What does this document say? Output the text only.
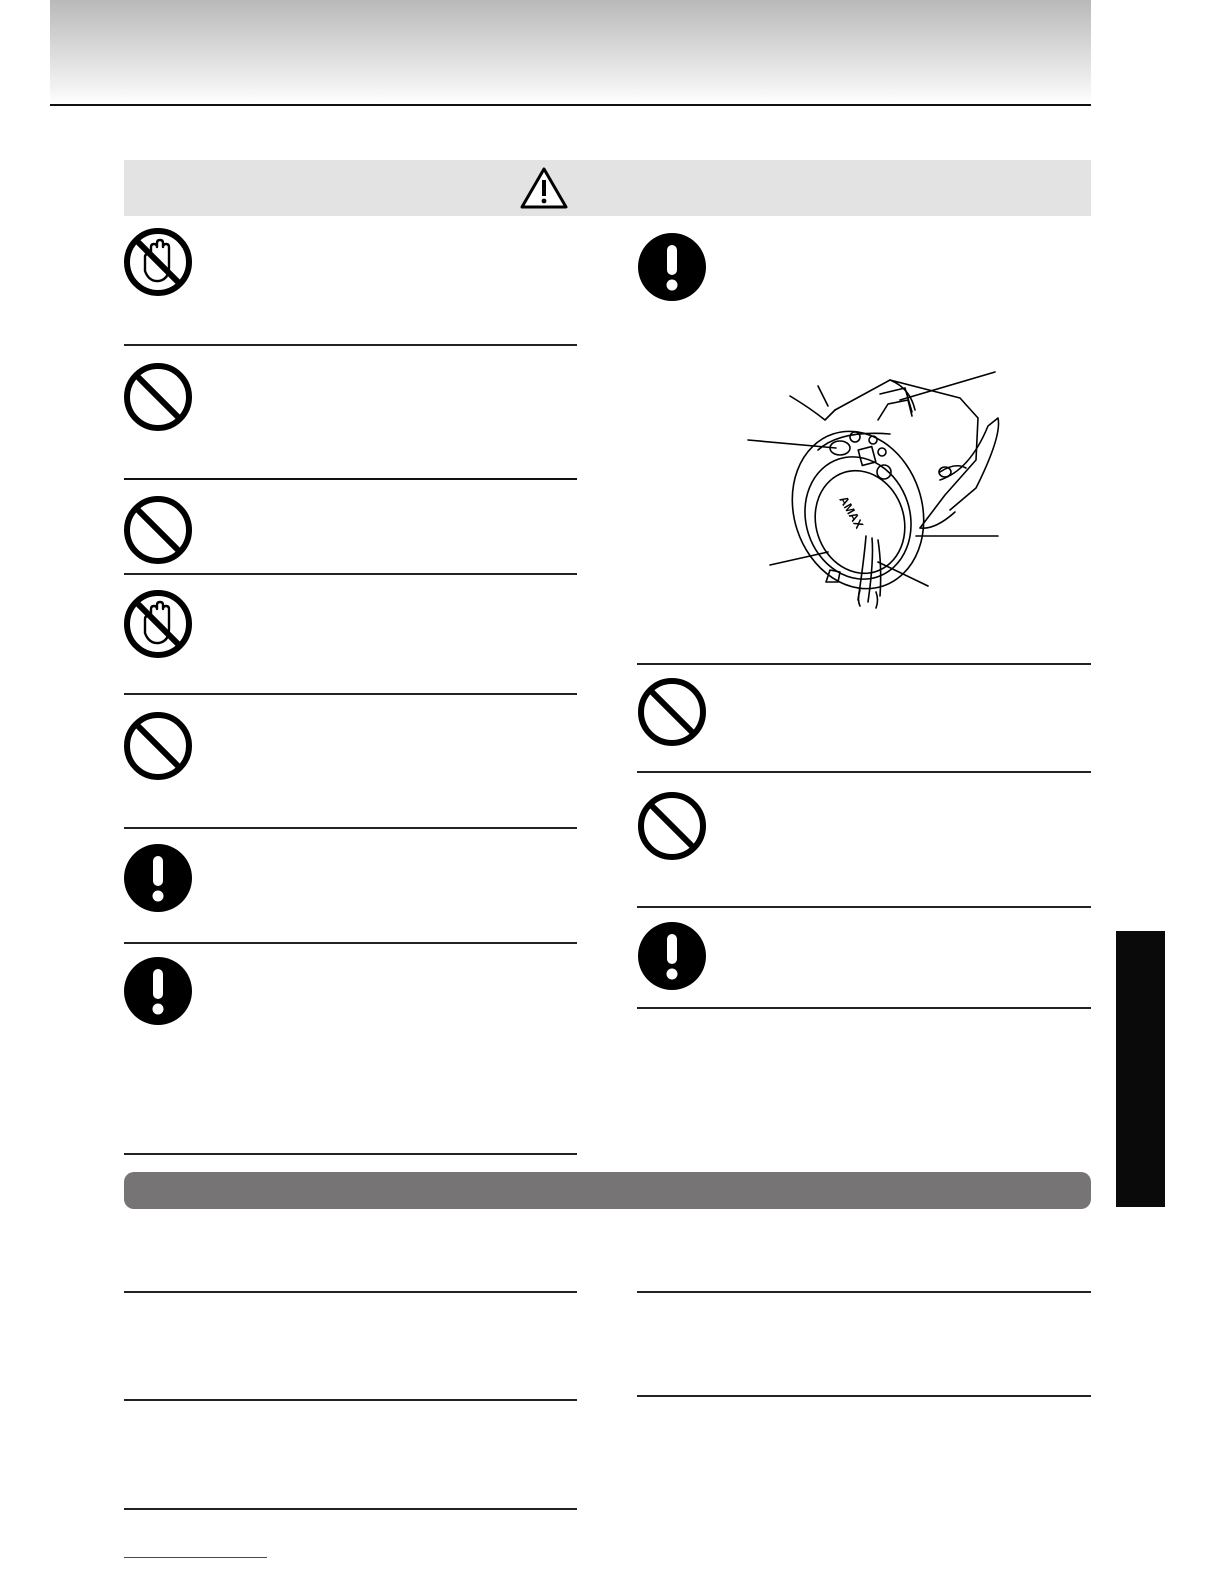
AMAX
